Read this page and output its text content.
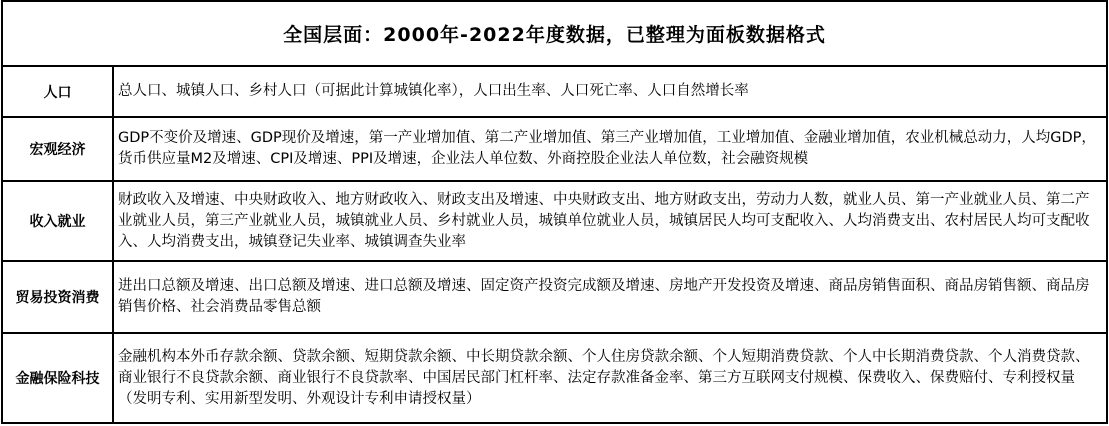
全国层面：2000年-2022年度数据，已整理为面板数据格式	
人口	总人口、城镇人口、乡村人口（可据此计算城镇化率），人口出生率、人口死亡率、人口自然增长率
宏观经济	GDP不变价及增速、GDP现价及增速，第一产业增加值、第二产业增加值、第三产业增加值，工业增加值、金融业增加值，农业机械总动力，人均GDP，货币供应量M2及增速、CPI及增速、PPI及增速，企业法人单位数、外商控股企业法人单位数，社会融资规模
收入就业	财政收入及增速、中央财政收入、地方财政收入、财政支出及增速、中央财政支出、地方财政支出，劳动力人数，就业人员、第一产业就业人员、第二产业就业人员，第三产业就业人员，城镇就业人员、乡村就业人员，城镇单位就业人员，城镇居民人均可支配收入、人均消费支出、农村居民人均可支配收入、人均消费支出，城镇登记失业率、城镇调查失业率
贸易投资消费	进出口总额及增速、出口总额及增速、进口总额及增速、固定资产投资完成额及增速、房地产开发投资及增速、商品房销售面积、商品房销售额、商品房销售价格、社会消费品零售总额
金融保险科技	金融机构本外币存款余额、贷款余额、短期贷款余额、中长期贷款余额、个人住房贷款余额、个人短期消费贷款、个人中长期消费贷款、个人消费贷款、商业银行不良贷款余额、商业银行不良贷款率、中国居民部门杠杆率、法定存款准备金率、第三方互联网支付规模、保费收入、保费赔付、专利授权量（发明专利、实用新型发明、外观设计专利申请授权量）
